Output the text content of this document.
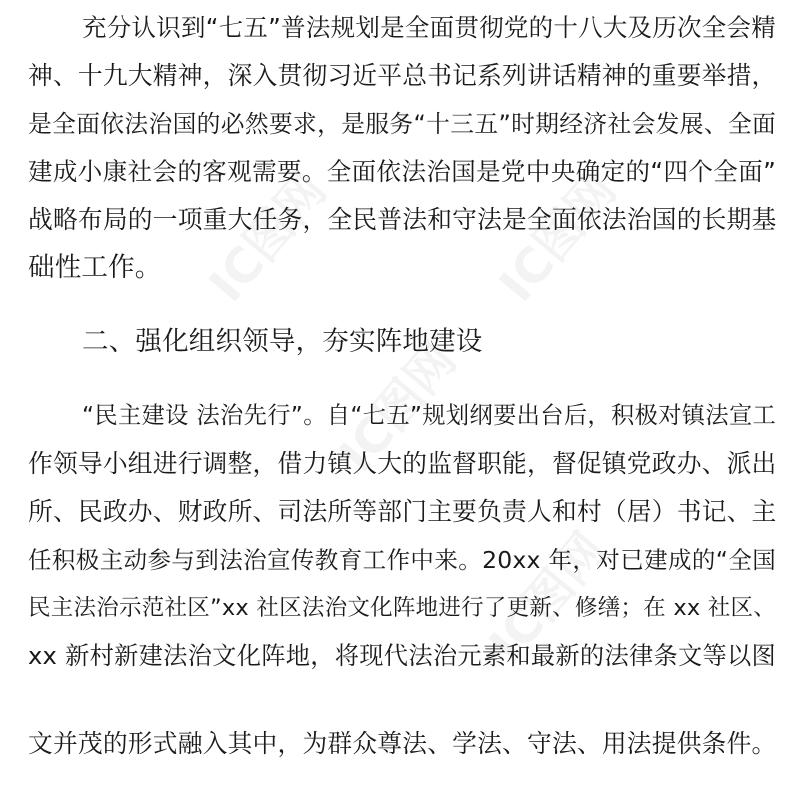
充分认识到“七五”普法规划是全面贯彻党的十八大及历次全会精
神、十九大精神，深入贯彻习近平总书记系列讲话精神的重要举措，
是全面依法治国的必然要求，是服务“十三五”时期经济社会发展、全面
建成小康社会的客观需要。全面依法治国是党中央确定的“四个全面”
战略布局的一项重大任务，全民普法和守法是全面依法治国的长期基
础性工作。
二、强化组织领导，夯实阵地建设
“民主建设 法治先行”。自“七五”规划纲要出台后，积极对镇法宣工
作领导小组进行调整，借力镇人大的监督职能，督促镇党政办、派出
所、民政办、财政所、司法所等部门主要负责人和村（居）书记、主
任积极主动参与到法治宣传教育工作中来。20xx 年，对已建成的“全国
民主法治示范社区”xx 社区法治文化阵地进行了更新、修缮；在 xx 社区、
xx 新村新建法治文化阵地，将现代法治元素和最新的法律条文等以图
文并茂的形式融入其中，为群众尊法、学法、守法、用法提供条件。
